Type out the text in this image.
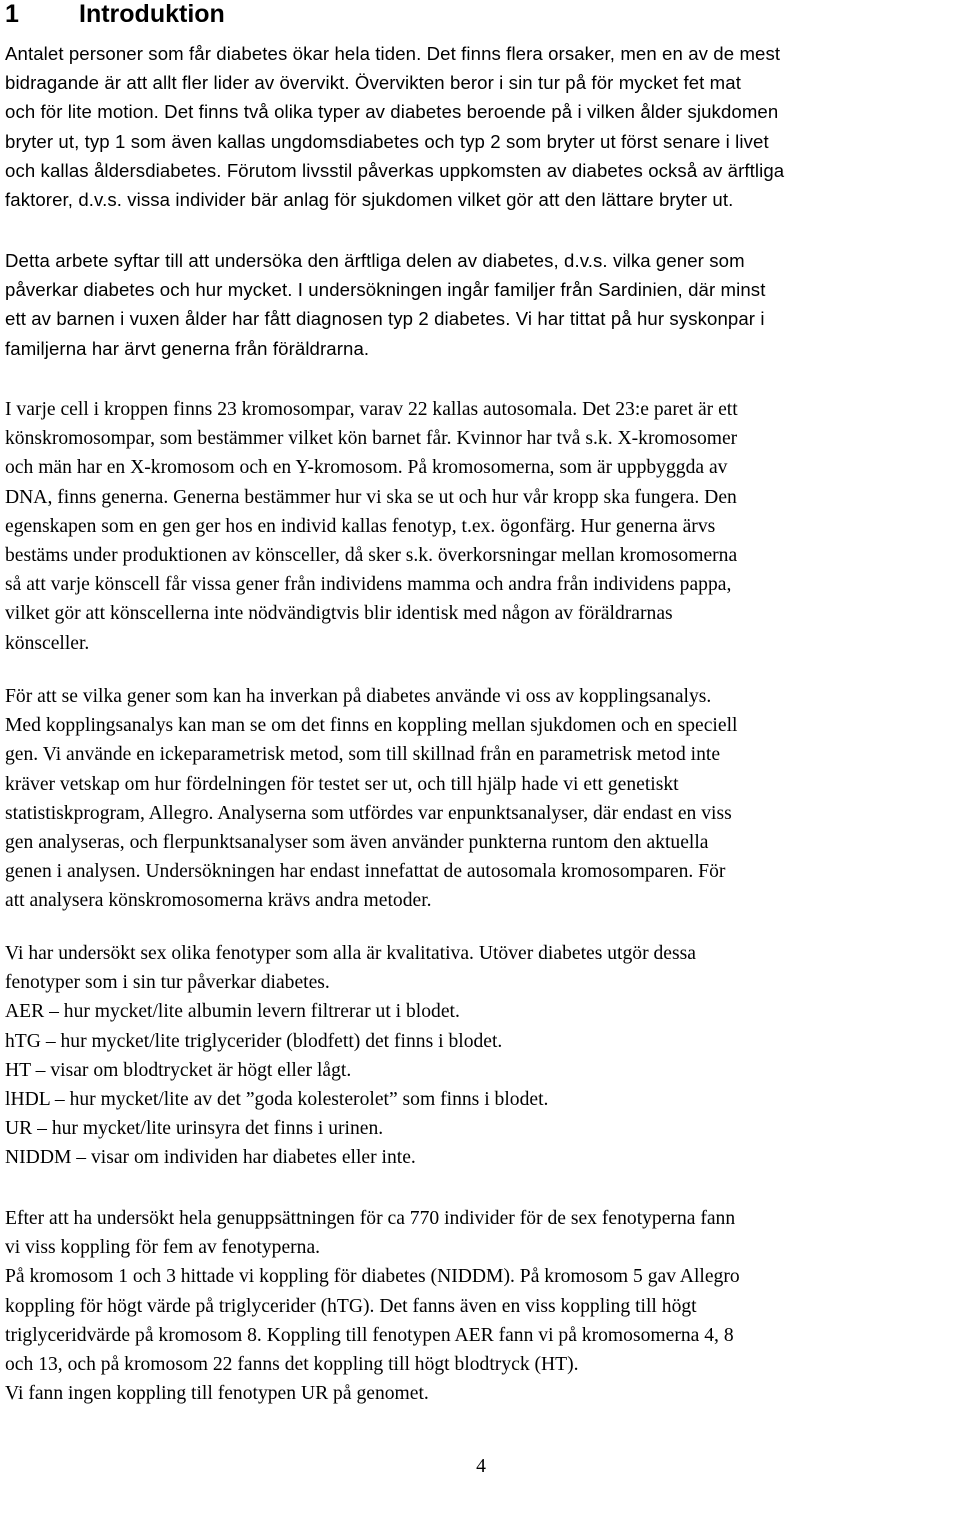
1 Introduktion
Antalet personer som får diabetes ökar hela tiden. Det finns flera orsaker, men en av de mest
bidragande är att allt fler lider av övervikt. Övervikten beror i sin tur på för mycket fet mat
och för lite motion. Det finns två olika typer av diabetes beroende på i vilken ålder sjukdomen
bryter ut, typ 1 som även kallas ungdomsdiabetes och typ 2 som bryter ut först senare i livet
och kallas åldersdiabetes. Förutom livsstil påverkas uppkomsten av diabetes också av ärftliga
faktorer, d.v.s. vissa individer bär anlag för sjukdomen vilket gör att den lättare bryter ut.
Detta arbete syftar till att undersöka den ärftliga delen av diabetes, d.v.s. vilka gener som
påverkar diabetes och hur mycket. I undersökningen ingår familjer från Sardinien, där minst
ett av barnen i vuxen ålder har fått diagnosen typ 2 diabetes. Vi har tittat på hur syskonpar i
familjerna har ärvt generna från föräldrarna.
I varje cell i kroppen finns 23 kromosompar, varav 22 kallas autosomala. Det 23:e paret är ett
könskromosompar, som bestämmer vilket kön barnet får. Kvinnor har två s.k. X-kromosomer
och män har en X-kromosom och en Y-kromosom. På kromosomerna, som är uppbyggda av
DNA, finns generna. Generna bestämmer hur vi ska se ut och hur vår kropp ska fungera. Den
egenskapen som en gen ger hos en individ kallas fenotyp, t.ex. ögonfärg. Hur generna ärvs
bestäms under produktionen av könsceller, då sker s.k. överkorsningar mellan kromosomerna
så att varje könscell får vissa gener från individens mamma och andra från individens pappa,
vilket gör att könscellerna inte nödvändigtvis blir identisk med någon av föräldrarnas
könsceller.
För att se vilka gener som kan ha inverkan på diabetes använde vi oss av kopplingsanalys.
Med kopplingsanalys kan man se om det finns en koppling mellan sjukdomen och en speciell
gen. Vi använde en ickeparametrisk metod, som till skillnad från en parametrisk metod inte
kräver vetskap om hur fördelningen för testet ser ut, och till hjälp hade vi ett genetiskt
statistiskprogram, Allegro. Analyserna som utfördes var enpunktsanalyser, där endast en viss
gen analyseras, och flerpunktsanalyser som även använder punkterna runtom den aktuella
genen i analysen. Undersökningen har endast innefattat de autosomala kromosomparen. För
att analysera könskromosomerna krävs andra metoder.
Vi har undersökt sex olika fenotyper som alla är kvalitativa. Utöver diabetes utgör dessa
fenotyper som i sin tur påverkar diabetes.
AER – hur mycket/lite albumin levern filtrerar ut i blodet.
hTG – hur mycket/lite triglycerider (blodfett) det finns i blodet.
HT – visar om blodtrycket är högt eller lågt.
lHDL – hur mycket/lite av det ”goda kolesterolet” som finns i blodet.
UR – hur mycket/lite urinsyra det finns i urinen.
NIDDM – visar om individen har diabetes eller inte.
Efter att ha undersökt hela genuppsättningen för ca 770 individer för de sex fenotyperna fann
vi viss koppling för fem av fenotyperna.
På kromosom 1 och 3 hittade vi koppling för diabetes (NIDDM). På kromosom 5 gav Allegro
koppling för högt värde på triglycerider (hTG). Det fanns även en viss koppling till högt
triglyceridvärde på kromosom 8. Koppling till fenotypen AER fann vi på kromosomerna 4, 8
och 13, och på kromosom 22 fanns det koppling till högt blodtryck (HT).
Vi fann ingen koppling till fenotypen UR på genomet.
4
